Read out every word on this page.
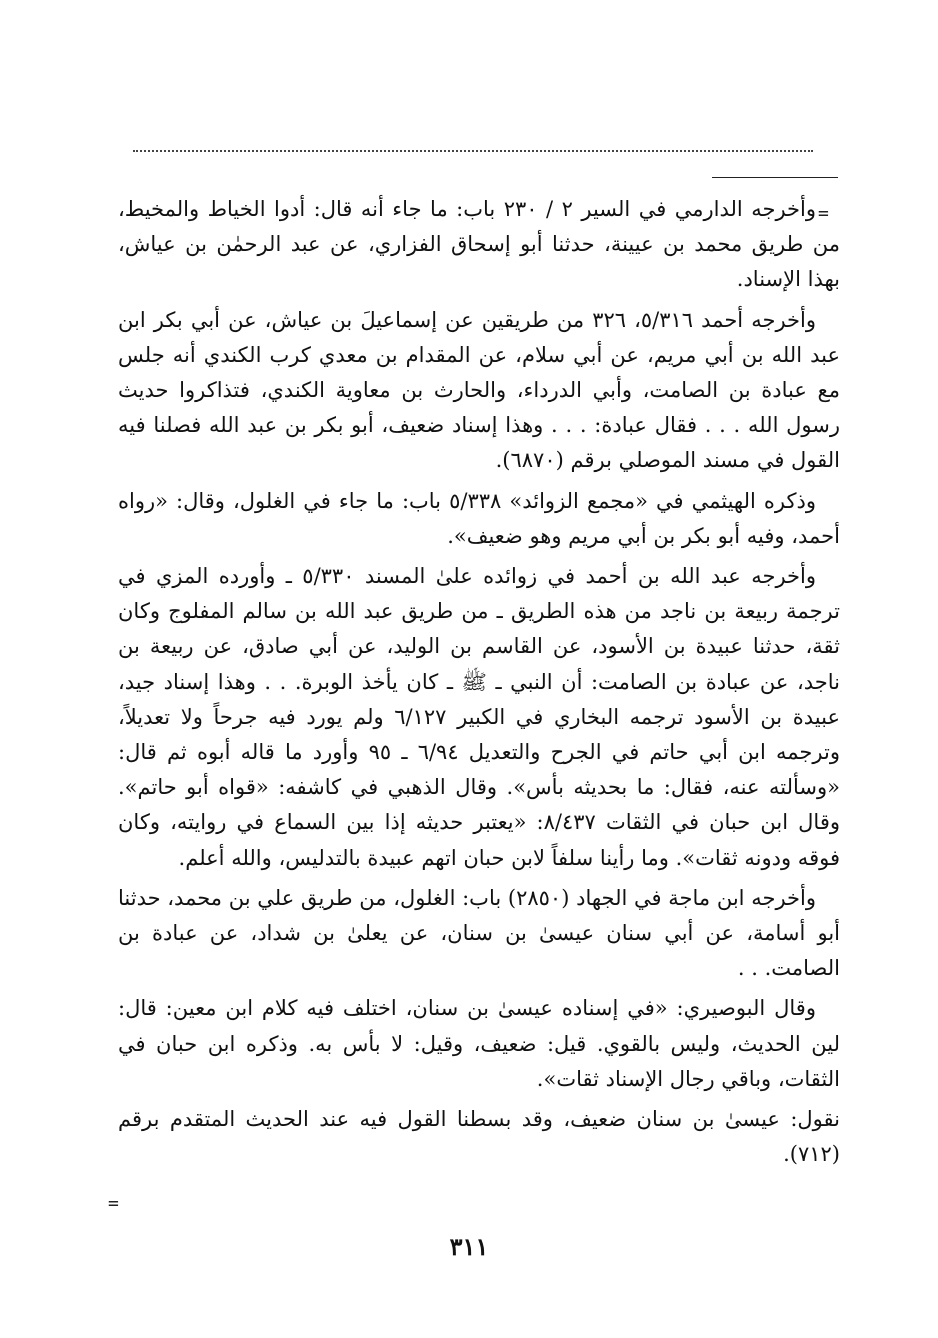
=

وأخرجه الدارمي في السير ٢ / ٢٣٠ باب: ما جاء أنه قال: أدوا الخياط والمخيط، من طريق محمد بن عيينة، حدثنا أبو إسحاق الفزاري، عن عبد الرحمٰن بن عياش، بهذا الإسناد.

وأخرجه أحمد ٥/٣١٦، ٣٢٦ من طريقين عن إسماعيلَ بن عياش، عن أبي بكر ابن عبد الله بن أبي مريم، عن أبي سلام، عن المقدام بن معدي كرب الكندي أنه جلس مع عبادة بن الصامت، وأبي الدرداء، والحارث بن معاوية الكندي، فتذاكروا حديث رسول الله . . . فقال عبادة: . . . وهذا إسناد ضعيف، أبو بكر بن عبد الله فصلنا فيه القول في مسند الموصلي برقم (٦٨٧٠).

وذكره الهيثمي في «مجمع الزوائد» ٥/٣٣٨ باب: ما جاء في الغلول، وقال: «رواه أحمد، وفيه أبو بكر بن أبي مريم وهو ضعيف».

وأخرجه عبد الله بن أحمد في زوائده علىٰ المسند ٥/٣٣٠ ـ وأورده المزي في ترجمة ربيعة بن ناجد من هذه الطريق ـ من طريق عبد الله بن سالم المفلوج وكان ثقة، حدثنا عبيدة بن الأسود، عن القاسم بن الوليد، عن أبي صادق، عن ربيعة بن ناجد، عن عبادة بن الصامت: أن النبي ـ ﷺ ـ كان يأخذ الوبرة. . . وهذا إسناد جيد، عبيدة بن الأسود ترجمه البخاري في الكبير ٦/١٢٧ ولم يورد فيه جرحاً ولا تعديلاً، وترجمه ابن أبي حاتم في الجرح والتعديل ٦/٩٤ ـ ٩٥ وأورد ما قاله أبوه ثم قال: «وسألته عنه، فقال: ما بحديثه بأس». وقال الذهبي في كاشفه: «قواه أبو حاتم». وقال ابن حبان في الثقات ٨/٤٣٧: «يعتبر حديثه إذا بين السماع في روايته، وكان فوقه ودونه ثقات». وما رأينا سلفاً لابن حبان اتهم عبيدة بالتدليس، والله أعلم.

وأخرجه ابن ماجة في الجهاد (٢٨٥٠) باب: الغلول، من طريق علي بن محمد، حدثنا أبو أسامة، عن أبي سنان عيسىٰ بن سنان، عن يعلىٰ بن شداد، عن عبادة بن الصامت. . .

وقال البوصيري: «في إسناده عيسىٰ بن سنان، اختلف فيه كلام ابن معين: قال: لين الحديث، وليس بالقوي. قيل: ضعيف، وقيل: لا بأس به. وذكره ابن حبان في الثقات، وباقي رجال الإسناد ثقات».

نقول: عيسىٰ بن سنان ضعيف، وقد بسطنا القول فيه عند الحديث المتقدم برقم (٧١٢).

=
٣١١
